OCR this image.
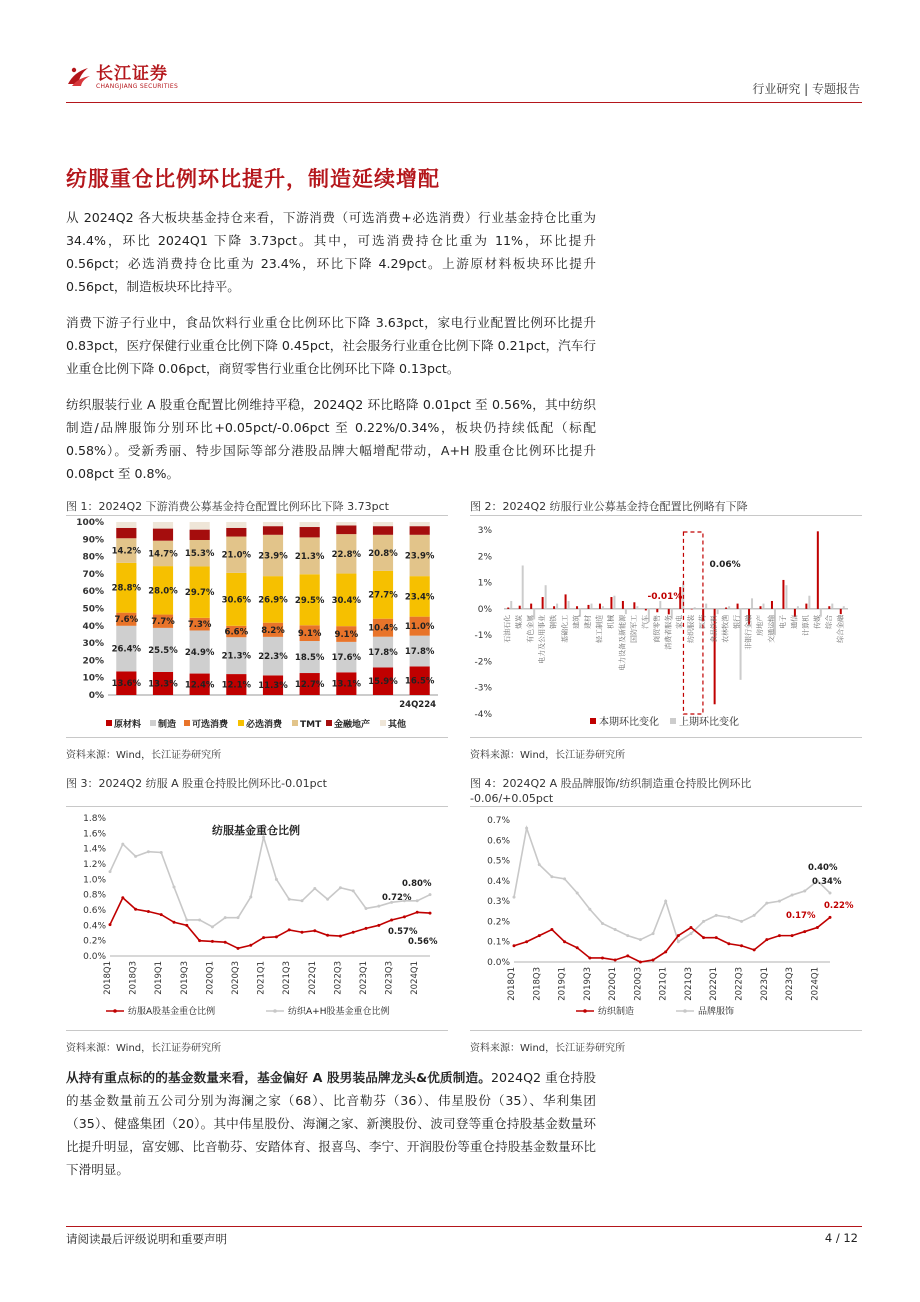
长江证券
CHANGJIANG SECURITIES	行业研究 | 专题报告
纺服重仓比例环比提升，制造延续增配
从 2024Q2 各大板块基金持仓来看，下游消费（可选消费+必选消费）行业基金持仓比重为 34.4%，环比 2024Q1 下降 3.73pct。其中，可选消费持仓比重为 11%，环比提升 0.56pct；必选消费持仓比重为 23.4%，环比下降 4.29pct。上游原材料板块环比提升 0.56pct，制造板块环比持平。
消费下游子行业中，食品饮料行业重仓比例环比下降 3.63pct，家电行业配置比例环比提升 0.83pct，医疗保健行业重仓比例下降 0.45pct，社会服务行业重仓比例下降 0.21pct，汽车行业重仓比例下降 0.06pct，商贸零售行业重仓比例环比下降 0.13pct。
纺织服装行业 A 股重仓配置比例维持平稳，2024Q2 环比略降 0.01pct 至 0.56%，其中纺织制造/品牌服饰分别环比+0.05pct/-0.06pct 至 0.22%/0.34%，板块仍持续低配（标配 0.58%）。受新秀丽、特步国际等部分港股品牌大幅增配带动，A+H 股重仓比例环比提升 0.08pct 至 0.8%。
图 1：2024Q2 下游消费公募基金持仓配置比例环比下降 3.73pct
0%
10%
20%
30%
40%
50%
60%
70%
80%
90%
100%
13.6%
26.4%
7.6%
28.8%
14.2%
13.3%
25.5%
7.7%
28.0%
14.7%
12.4%
24.9%
7.3%
29.7%
15.3%
12.1%
21.3%
6.6%
30.6%
21.0%
11.3%
22.3%
8.2%
26.9%
23.9%
12.7%
18.5%
9.1%
29.5%
21.3%
13.1%
17.6%
9.1%
30.4%
22.8%
15.9%
17.8%
10.4%
27.7%
20.8%
16.5%
17.8%
11.0%
23.4%
23.9%
24Q224
原材料 制造 可选消费 必选消费 TMT 金融地产 其他
资料来源：Wind，长江证券研究所
图 2：2024Q2 纺服行业公募基金持仓配置比例略有下降
3%
2%
1%
0%
-1%
-2%
-3%
-4%
石油石化 煤炭 有色金属 电力及公用事业 钢铁 基础化工 建筑 建材 轻工制造 机械 电力设备及新能源 国防军工 汽车 商贸零售 消费者服务 家电 纺织服装 医药 食品饮料 农林牧渔 银行 非银行金融 房地产 交通运输 电子 通信 计算机 传媒 综合 综合金融
0.06%
-0.01%
本期环比变化 上期环比变化
资料来源：Wind，长江证券研究所
图 3：2024Q2 纺服 A 股重仓持股比例环比-0.01pct
0.0%
0.2%
0.4%
0.6%
0.8%
1.0%
1.2%
1.4%
1.6%
1.8%
2018Q1 2018Q3 2019Q1 2019Q3 2020Q1 2020Q3 2021Q1 2021Q3 2022Q1 2022Q3 2023Q1 2023Q3 2024Q1
0.80%
0.72%
0.57%
0.56%
纺服A股基金重仓比例	纺织A+H股基金重仓比例
纺服基金重仓比例
资料来源：Wind，长江证券研究所
图 4：2024Q2 A 股品牌服饰/纺织制造重仓持股比例环比
-0.06/+0.05pct
0.0%
0.1%
0.2%
0.3%
0.4%
0.5%
0.6%
0.7%
2018Q1 2018Q3 2019Q1 2019Q3 2020Q1 2020Q3 2021Q1 2021Q3 2022Q1 2022Q3 2023Q1 2023Q3 2024Q1
0.40%
0.34%
0.22%
0.17%
纺织制造	品牌服饰
资料来源：Wind，长江证券研究所
从持有重点标的的基金数量来看，基金偏好 A 股男装品牌龙头&优质制造。2024Q2 重仓持股的基金数量前五公司分别为海澜之家（68）、比音勒芬（36）、伟星股份（35）、华利集团（35）、健盛集团（20）。其中伟星股份、海澜之家、新澳股份、波司登等重仓持股基金数量环比提升明显，富安娜、比音勒芬、安踏体育、报喜鸟、李宁、开润股份等重仓持股基金数量环比下滑明显。
请阅读最后评级说明和重要声明	4 / 12
